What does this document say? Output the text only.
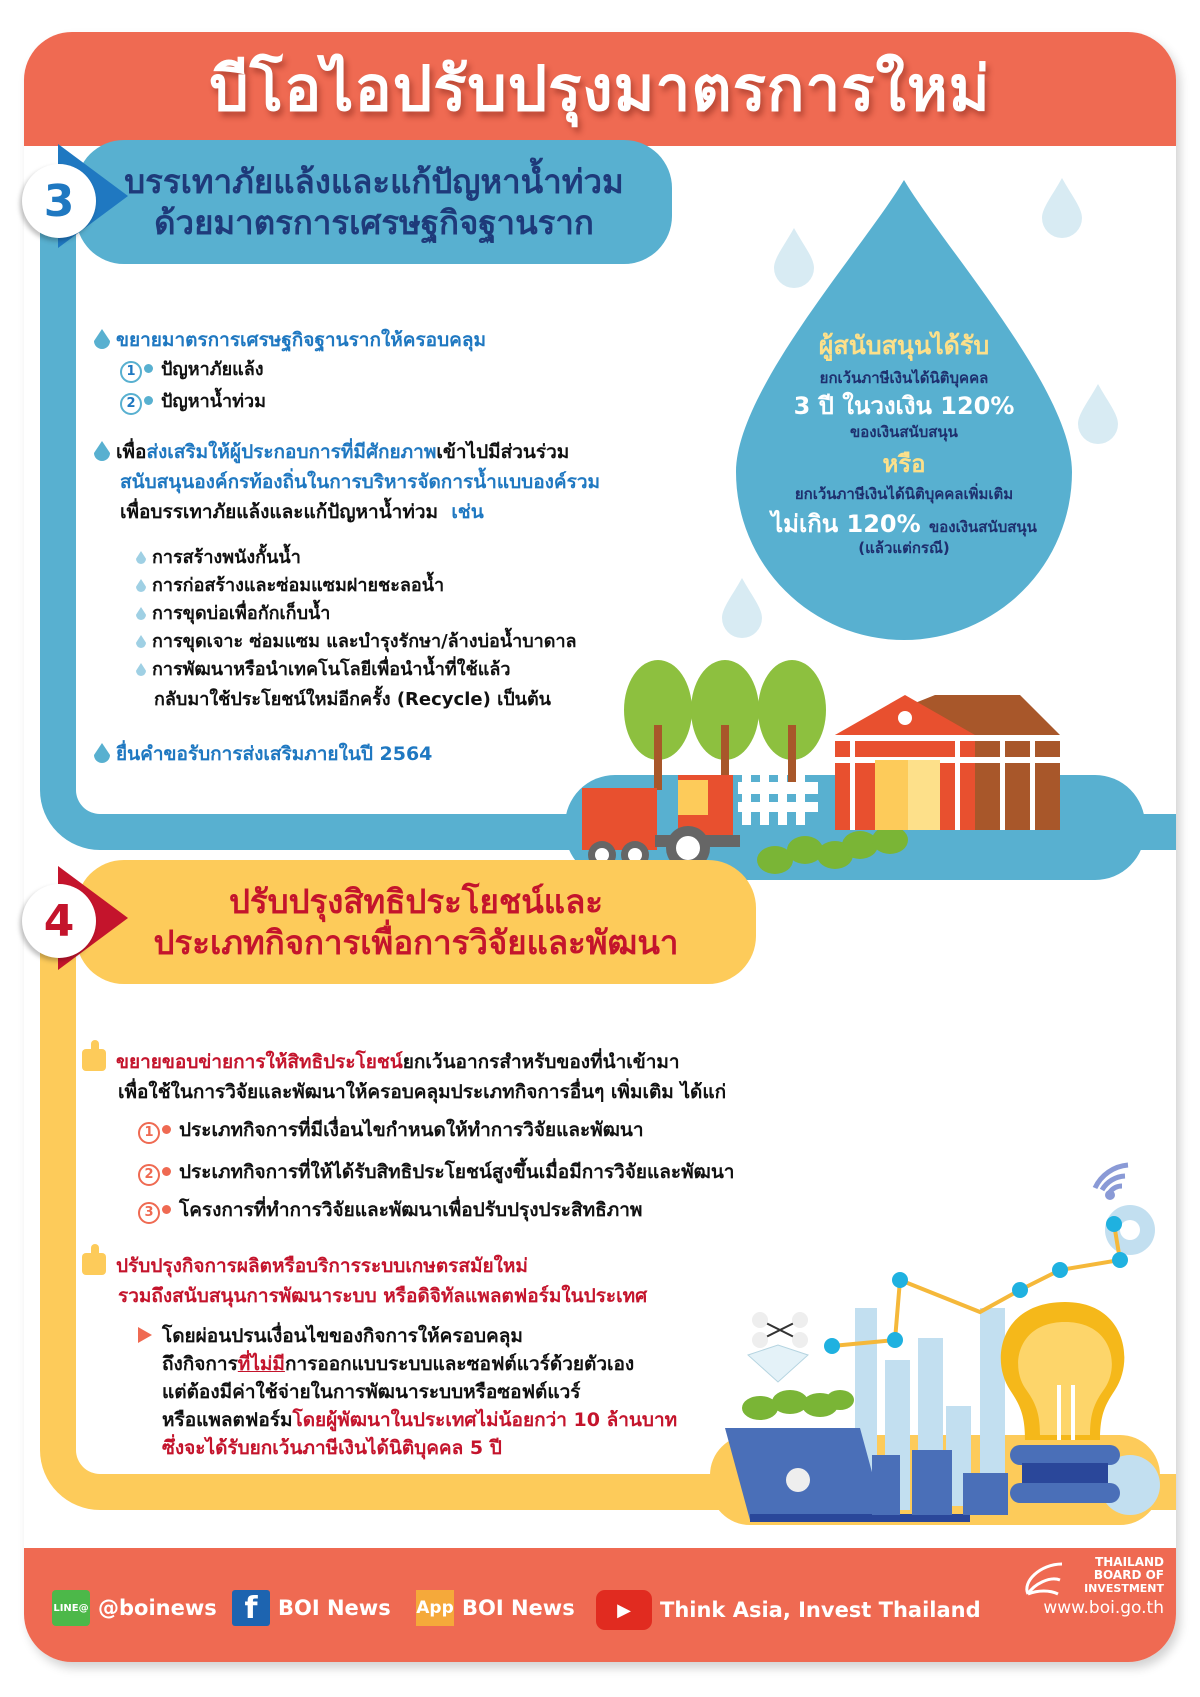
บีโอไอปรับปรุงมาตรการใหม่
บรรเทาภัยแล้งและแก้ปัญหาน้ำท่วม
ด้วยมาตรการเศรษฐกิจฐานราก
3
ขยายมาตรการเศรษฐกิจฐานรากให้ครอบคลุม
1 ปัญหาภัยแล้ง
2 ปัญหาน้ำท่วม
เพื่อส่งเสริมให้ผู้ประกอบการที่มีศักยภาพเข้าไปมีส่วนร่วม
สนับสนุนองค์กรท้องถิ่นในการบริหารจัดการน้ำแบบองค์รวม
เพื่อบรรเทาภัยแล้งและแก้ปัญหาน้ำท่วม เช่น
การสร้างพนังกั้นน้ำ
การก่อสร้างและซ่อมแซมฝายชะลอน้ำ
การขุดบ่อเพื่อกักเก็บน้ำ
การขุดเจาะ ซ่อมแซม และบำรุงรักษา/ล้างบ่อน้ำบาดาล
การพัฒนาหรือนำเทคโนโลยีเพื่อนำน้ำที่ใช้แล้ว
กลับมาใช้ประโยชน์ใหม่อีกครั้ง (Recycle) เป็นต้น
ยื่นคำขอรับการส่งเสริมภายในปี 2564
ผู้สนับสนุนได้รับ
ยกเว้นภาษีเงินได้นิติบุคคล
3 ปี ในวงเงิน 120%
ของเงินสนับสนุน
หรือ
ยกเว้นภาษีเงินได้นิติบุคคลเพิ่มเติม
ไม่เกิน 120% ของเงินสนับสนุน
(แล้วแต่กรณี)
ปรับปรุงสิทธิประโยชน์และ
ประเภทกิจการเพื่อการวิจัยและพัฒนา
4
ขยายขอบข่ายการให้สิทธิประโยชน์ยกเว้นอากรสำหรับของที่นำเข้ามา
เพื่อใช้ในการวิจัยและพัฒนาให้ครอบคลุมประเภทกิจการอื่นๆ เพิ่มเติม ได้แก่
1 ประเภทกิจการที่มีเงื่อนไขกำหนดให้ทำการวิจัยและพัฒนา
2 ประเภทกิจการที่ให้ได้รับสิทธิประโยชน์สูงขึ้นเมื่อมีการวิจัยและพัฒนา
3 โครงการที่ทำการวิจัยและพัฒนาเพื่อปรับปรุงประสิทธิภาพ
ปรับปรุงกิจการผลิตหรือบริการระบบเกษตรสมัยใหม่
รวมถึงสนับสนุนการพัฒนาระบบ หรือดิจิทัลแพลตฟอร์มในประเทศ
โดยผ่อนปรนเงื่อนไขของกิจการให้ครอบคลุม
ถึงกิจการที่ไม่มีการออกแบบระบบและซอฟต์แวร์ด้วยตัวเอง
แต่ต้องมีค่าใช้จ่ายในการพัฒนาระบบหรือซอฟต์แวร์
หรือแพลตฟอร์มโดยผู้พัฒนาในประเทศไม่น้อยกว่า 10 ล้านบาท
ซึ่งจะได้รับยกเว้นภาษีเงินได้นิติบุคคล 5 ปี
LINE@ @boinews f BOI News App BOI News	▶	Think Asia, Invest Thailand
THAILAND
BOARD OF
INVESTMENT
www.boi.go.th
